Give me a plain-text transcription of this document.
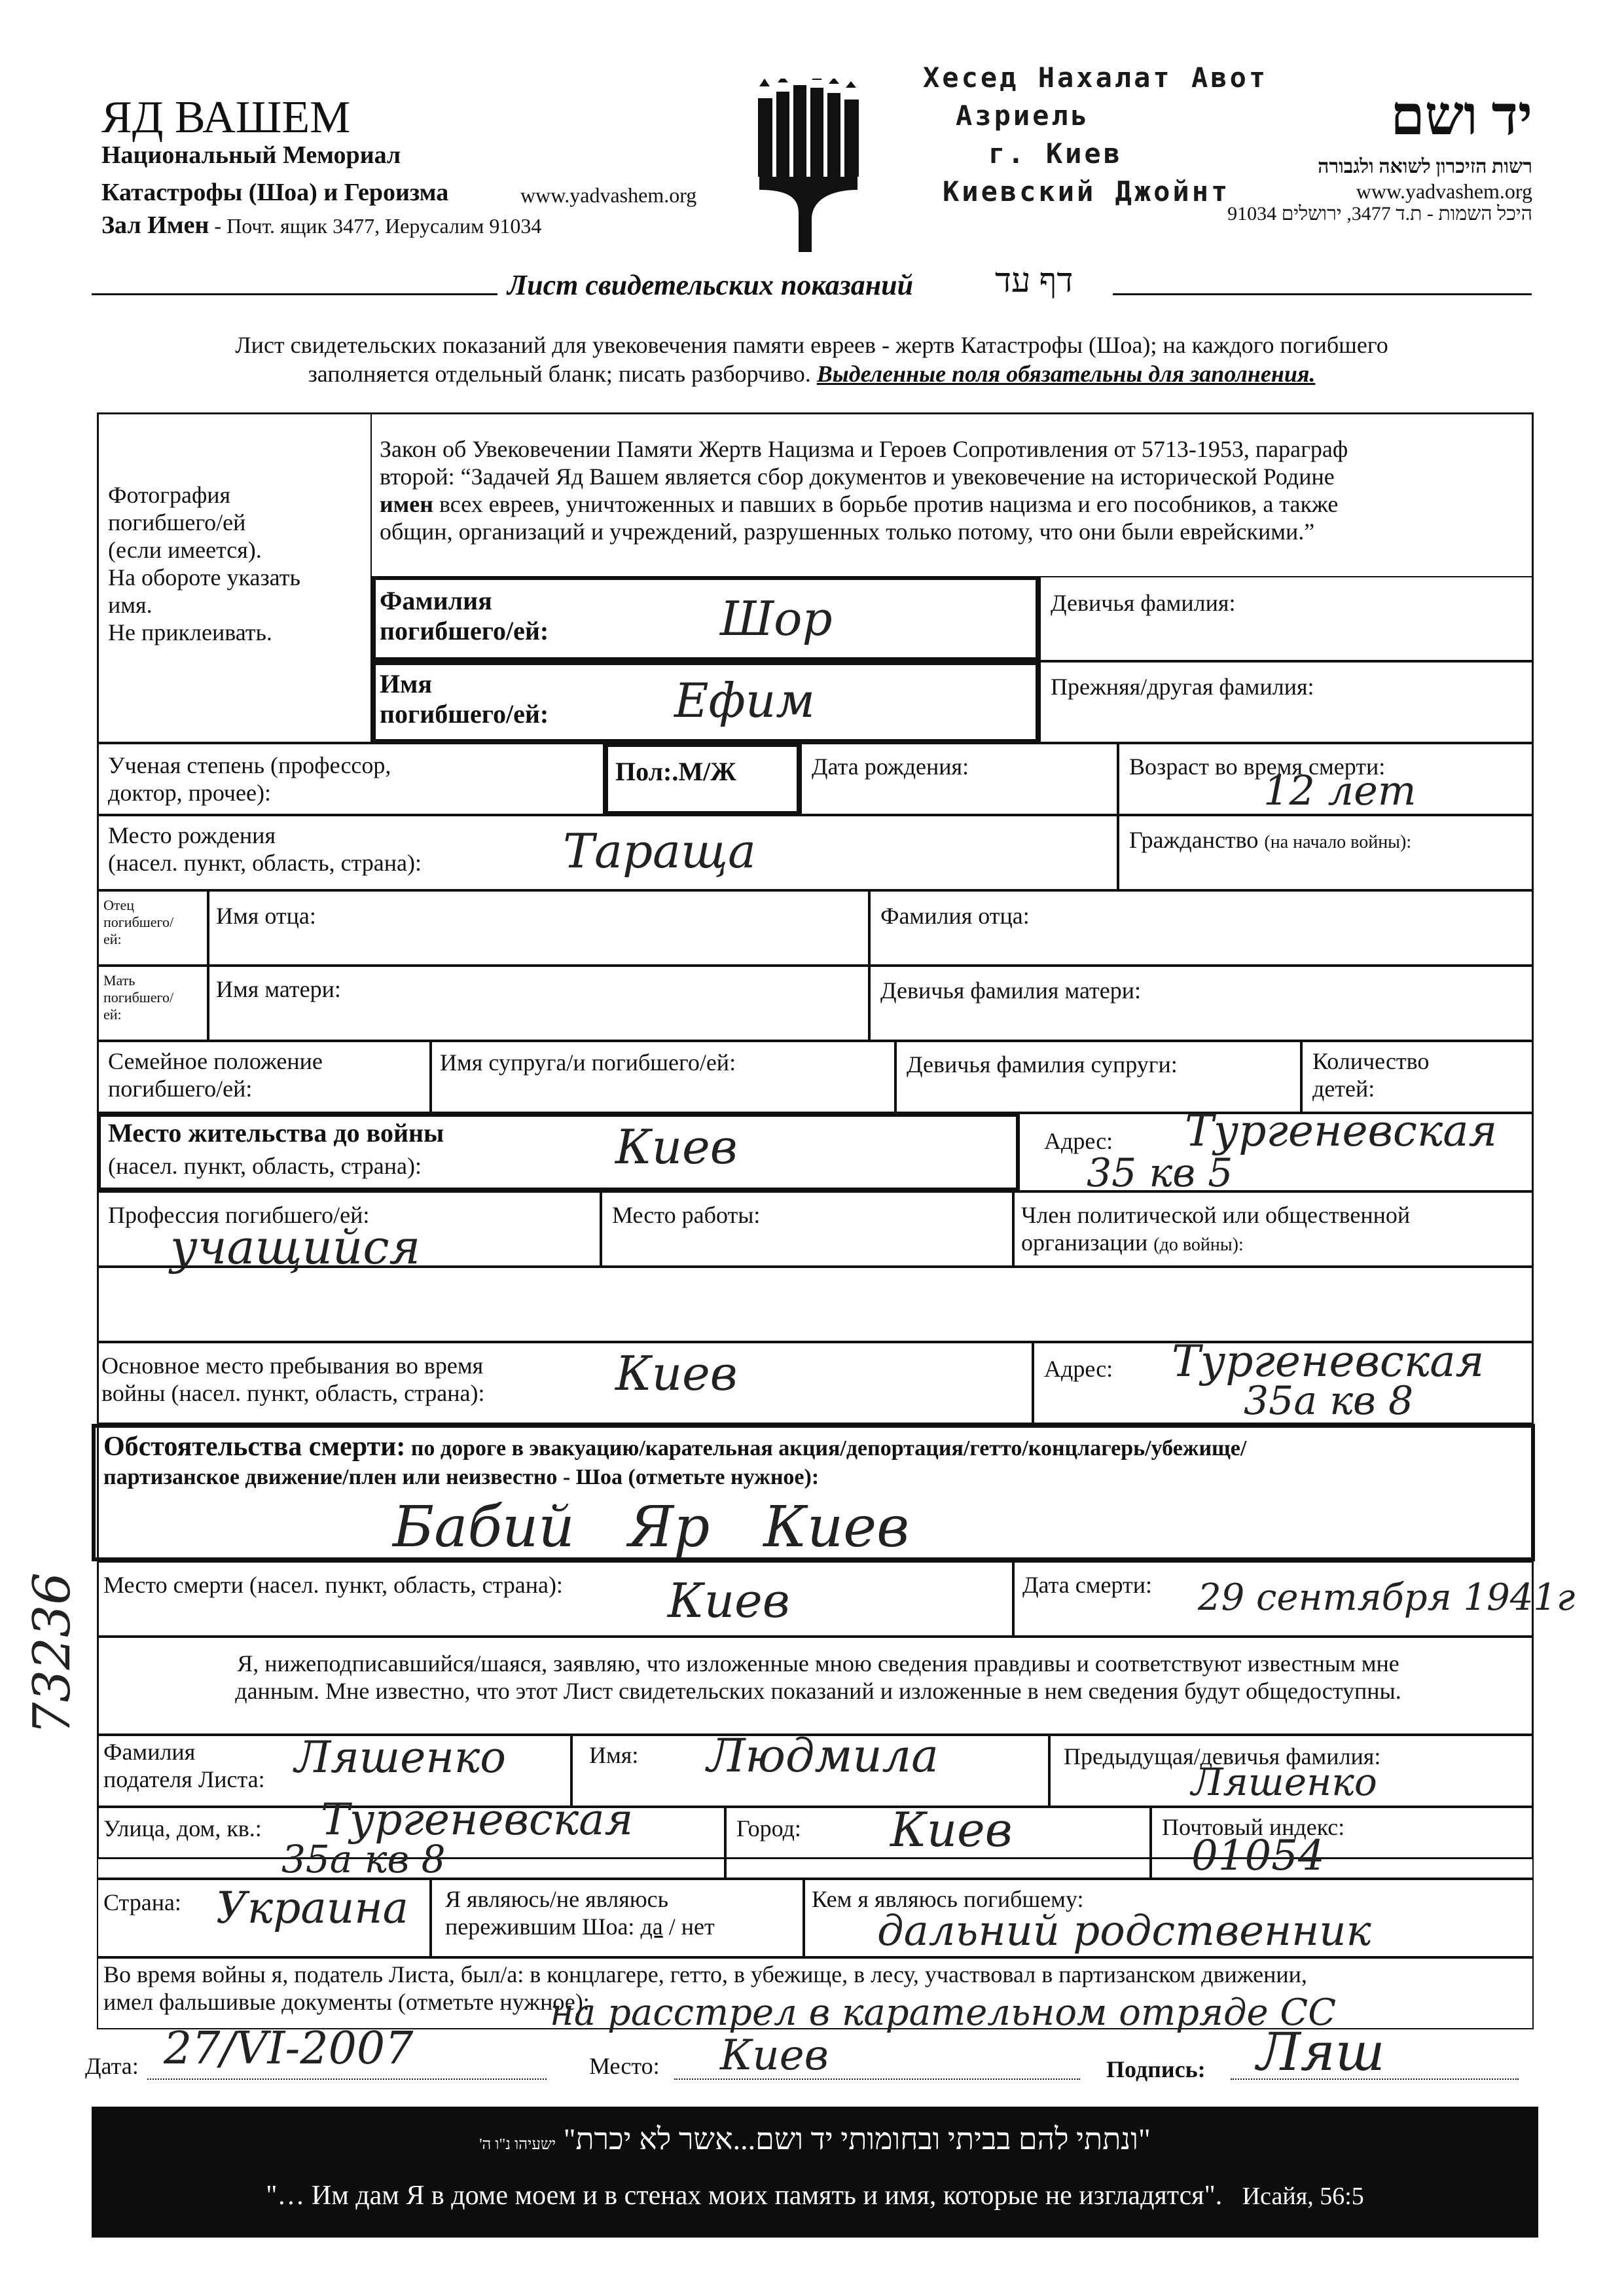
ЯД ВАШЕМ
Национальный Мемориал
Катастрофы (Шоа) и Героизма	www.yadvashem.org
Зал Имен - Почт. ящик 3477, Иерусалим 91034
Хесед Нахалат Авот
Азриель
г. Киев
Киевский Джойнт
יד ושם
רשות הזיכרון לשואה ולגבורה
www.yadvashem.org
היכל השמות - ת.ד 3477, ירושלים 91034
Лист свидетельских показаний דף עד
Лист свидетельских показаний для увековечения памяти евреев - жертв Катастрофы (Шоа); на каждого погибшего
заполняется отдельный бланк; писать разборчиво. Выделенные поля обязательны для заполнения.
Фотография
погибшего/ей
(если имеется).
На обороте указать
имя.
Не приклеивать.
Закон об Увековечении Памяти Жертв Нацизма и Героев Сопротивления от 5713-1953, параграф
второй: “Задачей Яд Вашем является сбор документов и увековечение на исторической Родине
имен всех евреев, уничтоженных и павших в борьбе против нацизма и его пособников, а также
общин, организаций и учреждений, разрушенных только потому, что они были еврейскими.”
Фамилия
погибшего/ей:	Шор	Девичья фамилия:
Имя
погибшего/ей:	Ефим	Прежняя/другая фамилия:
Ученая степень (профессор,
доктор, прочее):
Пол:.М/Ж	Дата рождения:	Возраст во время смерти:
12 лет
Место рождения
(насел. пункт, область, страна):	Тараща	Гражданство (на начало войны):
Отец
погибшего/
ей:
Имя отца:	Фамилия отца:
Мать
погибшего/
ей:
Имя матери:	Девичья фамилия матери:
Семейное положение
погибшего/ей:
Имя супруга/и погибшего/ей:	Девичья фамилия супруги:	Количество
детей:
Место жительства до войны
(насел. пункт, область, страна):	Киев	Адрес: Тургеневская
35 кв 5
Профессия погибшего/ей:
учащийся
Место работы:	Член политической или общественной
организации (до войны):
Основное место пребывания во время
войны (насел. пункт, область, страна):	Киев	Адрес: Тургеневская
35а кв 8
Обстоятельства смерти: по дороге в эвакуацию/карательная акция/депортация/гетто/концлагерь/убежище/
партизанское движение/плен или неизвестно - Шоа (отметьте нужное):
Бабий   Яр   Киев
Место смерти (насел. пункт, область, страна): Киев	Дата смерти: 29 сентября 1941г
Я, нижеподписавшийся/шаяся, заявляю, что изложенные мною сведения правдивы и соответствуют известным мне
данным. Мне известно, что этот Лист свидетельских показаний и изложенные в нем сведения будут общедоступны.
Фамилия
подателя Листа: Ляшенко	Имя: Людмила	Предыдущая/девичья фамилия:
Ляшенко
Улица, дом, кв.: Тургеневская
35а кв 8
Город: Киев	Почтовый индекс:
01054
Страна: Украина Я являюсь/не являюсь
пережившим Шоа: да / нет
Кем я являюсь погибшему:
дальний родственник
Во время войны я, податель Листа, был/а: в концлагере, гетто, в убежище, в лесу, участвовал в партизанском движении,
имел фальшивые документы (отметьте нужное):
на расстрел в карательном отряде СС
Дата: 27/VI-2007	Место: Киев	Подпись: Ляш
"ונתתי להם בביתי ובחומותי יד ושם...אשר לא יכרת" ישעיהו נ"ו ה'
"… Им дам Я в доме моем и в стенах моих память и имя, которые не изгладятся". Исайя, 56:5
73236
